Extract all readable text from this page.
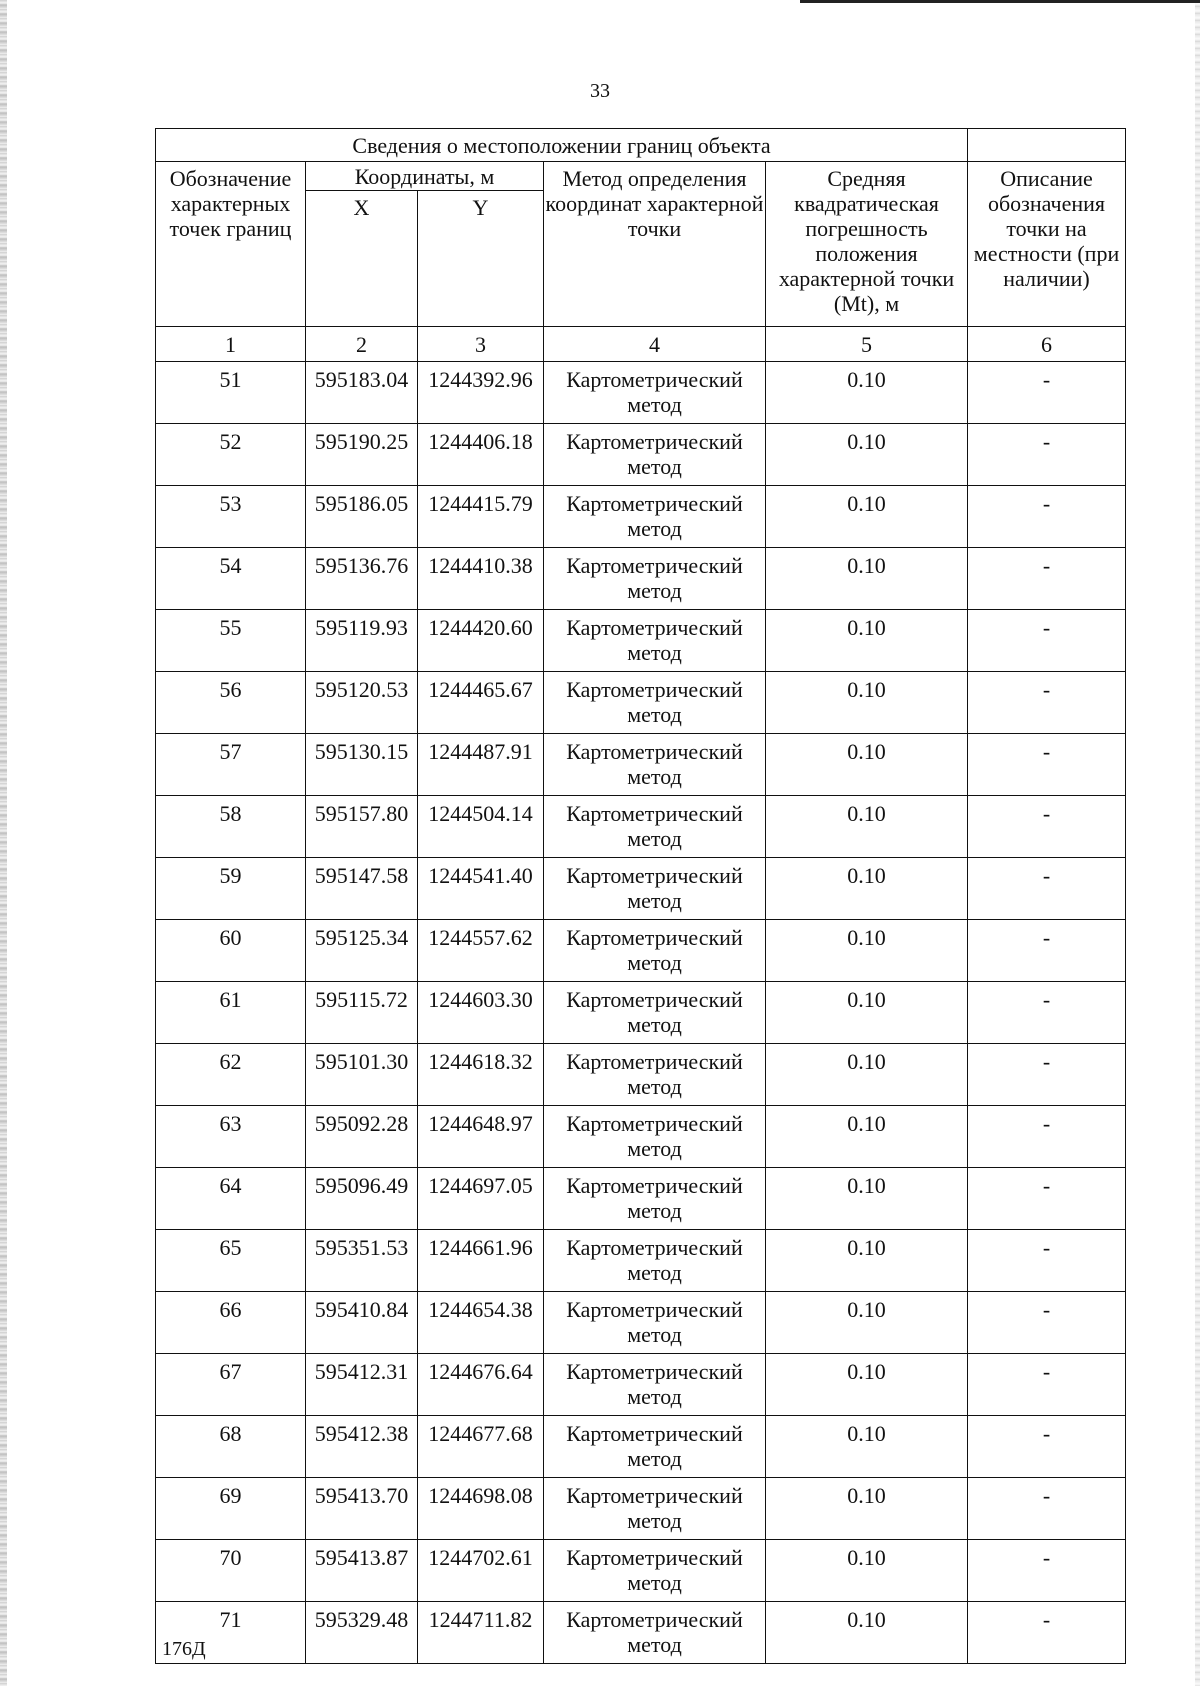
33
Сведения о местоположении границ объекта					
Обозначение характерных точек границ	Координаты, м		Метод определения координат характерной точки	Средняя квадратическая погрешность положения характерной точки (Mt), м	Описание обозначения точки на местности (при наличии)
	X	Y			
1	2	3	4	5	6
51	595183.04	1244392.96	Картометрический метод	0.10	-
52	595190.25	1244406.18	Картометрический метод	0.10	-
53	595186.05	1244415.79	Картометрический метод	0.10	-
54	595136.76	1244410.38	Картометрический метод	0.10	-
55	595119.93	1244420.60	Картометрический метод	0.10	-
56	595120.53	1244465.67	Картометрический метод	0.10	-
57	595130.15	1244487.91	Картометрический метод	0.10	-
58	595157.80	1244504.14	Картометрический метод	0.10	-
59	595147.58	1244541.40	Картометрический метод	0.10	-
60	595125.34	1244557.62	Картометрический метод	0.10	-
61	595115.72	1244603.30	Картометрический метод	0.10	-
62	595101.30	1244618.32	Картометрический метод	0.10	-
63	595092.28	1244648.97	Картометрический метод	0.10	-
64	595096.49	1244697.05	Картометрический метод	0.10	-
65	595351.53	1244661.96	Картометрический метод	0.10	-
66	595410.84	1244654.38	Картометрический метод	0.10	-
67	595412.31	1244676.64	Картометрический метод	0.10	-
68	595412.38	1244677.68	Картометрический метод	0.10	-
69	595413.70	1244698.08	Картометрический метод	0.10	-
70	595413.87	1244702.61	Картометрический метод	0.10	-
71	595329.48	1244711.82	Картометрический метод	0.10	-
176Д
